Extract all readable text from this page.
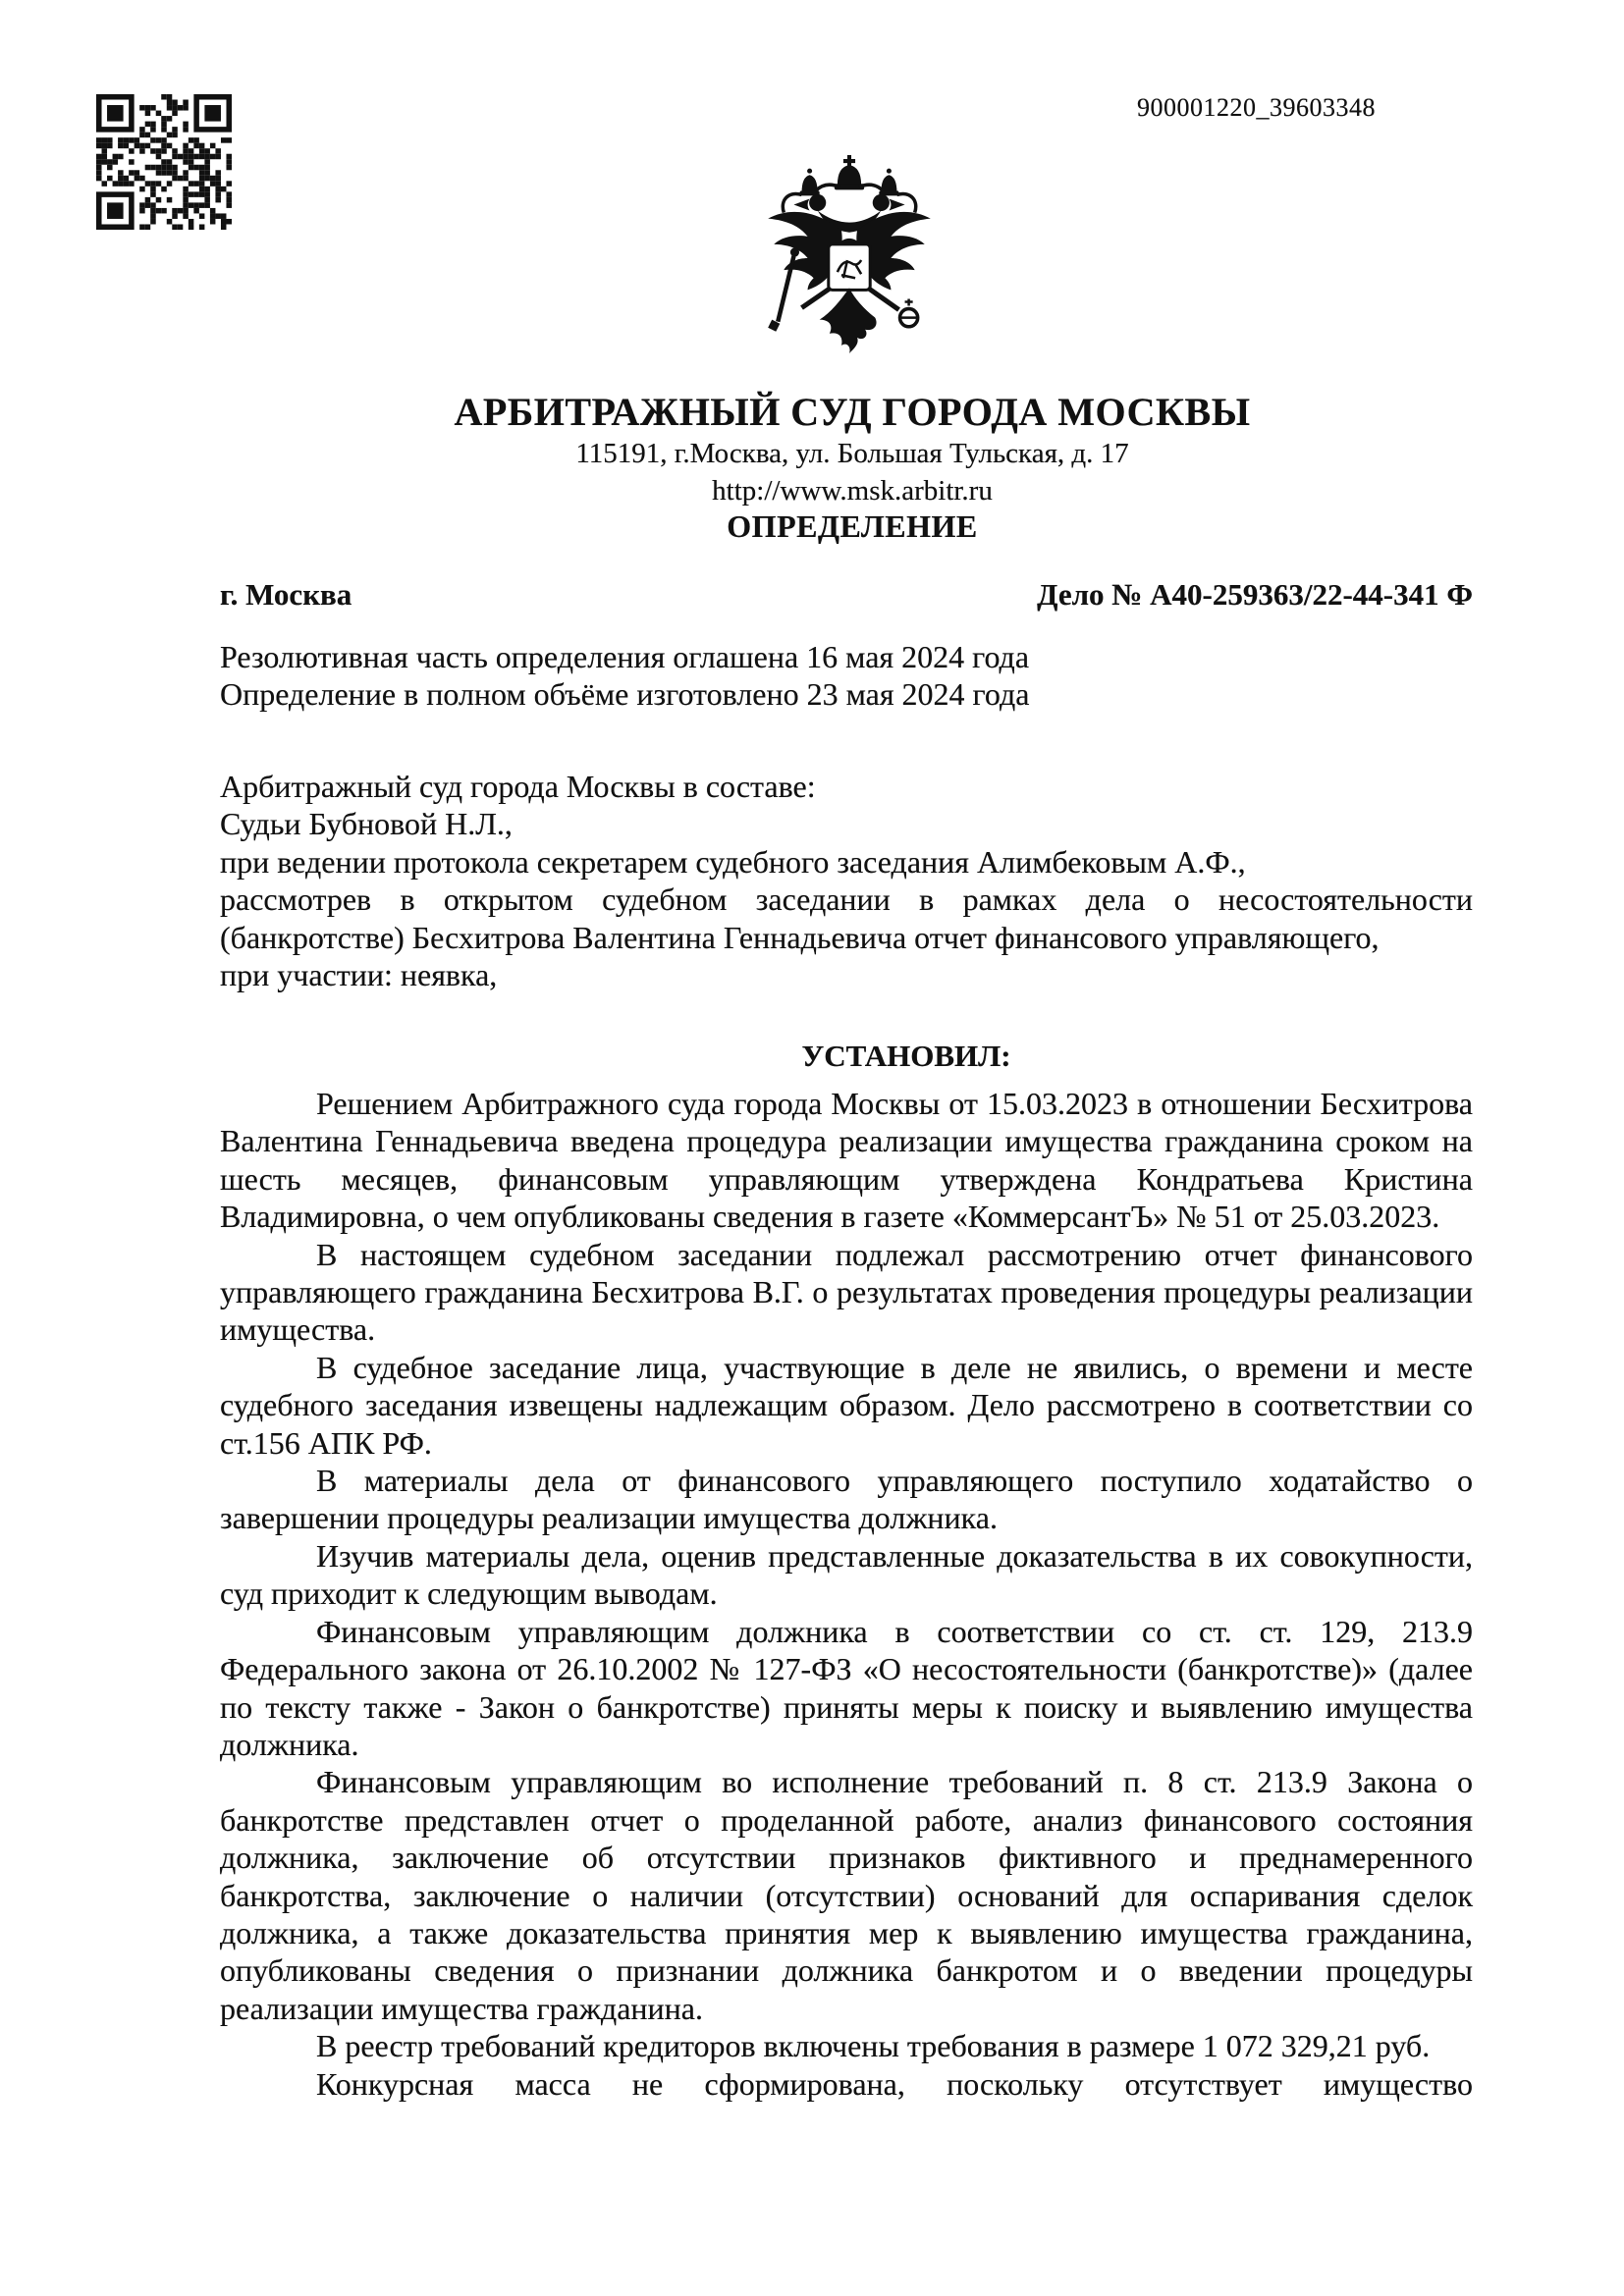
900001220_39603348
АРБИТРАЖНЫЙ СУД ГОРОДА МОСКВЫ
115191, г.Москва, ул. Большая Тульская, д. 17
http://www.msk.arbitr.ru
ОПРЕДЕЛЕНИЕ
г. Москва	Дело № А40-259363/22-44-341 Ф

Резолютивная часть определения оглашена 16 мая 2024 года

Определение в полном объёме изготовлено 23 мая 2024 года

Арбитражный суд города Москвы в составе:

Судьи Бубновой Н.Л.,

при ведении протокола секретарем судебного заседания Алимбековым А.Ф.,

рассмотрев в открытом судебном заседании в рамках дела о несостоятельности (банкротстве) Бесхитрова Валентина Геннадьевича отчет финансового управляющего,

при участии: неявка,

УСТАНОВИЛ:

Решением Арбитражного суда города Москвы от 15.03.2023 в отношении Бесхитрова Валентина Геннадьевича введена процедура реализации имущества гражданина сроком на шесть месяцев, финансовым управляющим утверждена Кондратьева Кристина Владимировна, о чем опубликованы сведения в газете «КоммерсантЪ» № 51 от 25.03.2023.

В настоящем судебном заседании подлежал рассмотрению отчет финансового управляющего гражданина Бесхитрова В.Г. о результатах проведения процедуры реализации имущества.

В судебное заседание лица, участвующие в деле не явились, о времени и месте судебного заседания извещены надлежащим образом. Дело рассмотрено в соответствии со ст.156 АПК РФ.

В материалы дела от финансового управляющего поступило ходатайство о завершении процедуры реализации имущества должника.

Изучив материалы дела, оценив представленные доказательства в их совокупности, суд приходит к следующим выводам.

Финансовым управляющим должника в соответствии со ст. ст. 129, 213.9 Федерального закона от 26.10.2002 № 127-ФЗ «О несостоятельности (банкротстве)» (далее по тексту также - Закон о банкротстве) приняты меры к поиску и выявлению имущества должника.

Финансовым управляющим во исполнение требований п. 8 ст. 213.9 Закона о банкротстве представлен отчет о проделанной работе, анализ финансового состояния должника, заключение об отсутствии признаков фиктивного и преднамеренного банкротства, заключение о наличии (отсутствии) оснований для оспаривания сделок должника, а также доказательства принятия мер к выявлению имущества гражданина, опубликованы сведения о признании должника банкротом и о введении процедуры реализации имущества гражданина.

В реестр требований кредиторов включены требования в размере 1 072 329,21 руб.

Конкурсная масса не сформирована, поскольку отсутствует имущество
